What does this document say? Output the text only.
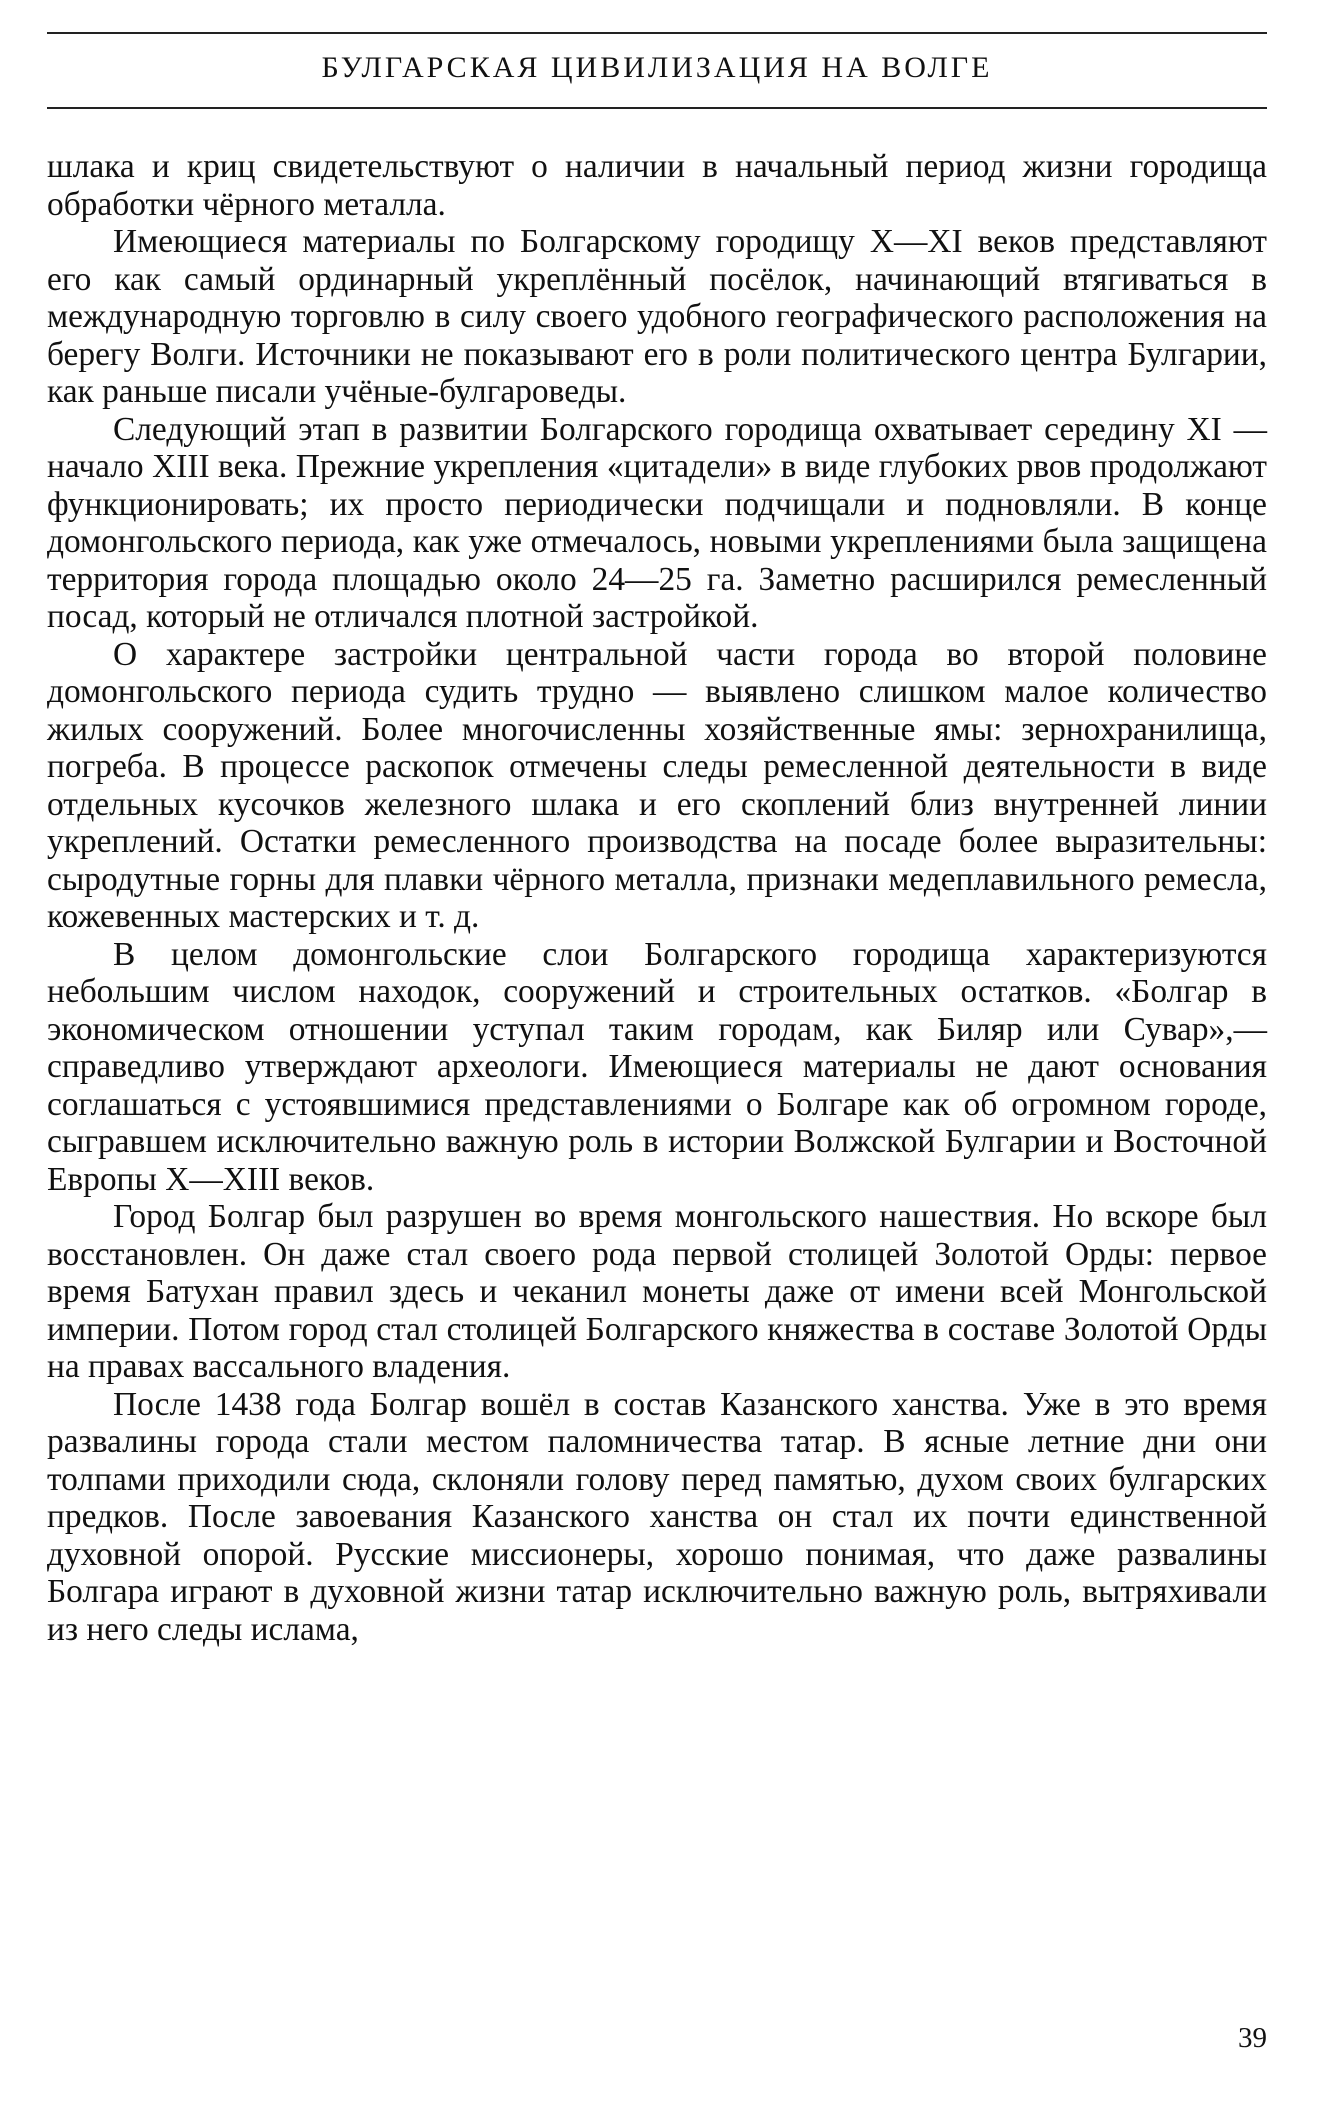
БУЛГАРСКАЯ ЦИВИЛИЗАЦИЯ НА ВОЛГЕ

шлака и криц свидетельствуют о наличии в начальный период жизни городища обработки чёрного металла.

Имеющиеся материалы по Болгарскому городищу X—XI веков представляют его как самый ординарный укреплённый посёлок, начинающий втягиваться в международную торговлю в силу своего удобного географического расположения на берегу Волги. Источники не показывают его в роли политического центра Булгарии, как раньше писали учёные-булгароведы.

Следующий этап в развитии Болгарского городища охватывает середину XI — начало XIII века. Прежние укрепления «цитадели» в виде глубоких рвов продолжают функционировать; их просто периодически подчищали и подновляли. В конце домонгольского периода, как уже отмечалось, новыми укреплениями была защищена территория города площадью около 24—25 га. Заметно расширился ремесленный посад, который не отличался плотной застройкой.

О характере застройки центральной части города во второй половине домонгольского периода судить трудно — выявлено слишком малое количество жилых сооружений. Более многочисленны хозяйственные ямы: зернохранилища, погреба. В процессе раскопок отмечены следы ремесленной деятельности в виде отдельных кусочков железного шлака и его скоплений близ внутренней линии укреплений. Остатки ремесленного производства на посаде более выразительны: сыродутные горны для плавки чёрного металла, признаки медеплавильного ремесла, кожевенных мастерских и т. д.

В целом домонгольские слои Болгарского городища характеризуются небольшим числом находок, сооружений и строительных остатков. «Болгар в экономическом отношении уступал таким городам, как Биляр или Сувар»,— справедливо утверждают археологи. Имеющиеся материалы не дают основания соглашаться с устоявшимися представлениями о Болгаре как об огромном городе, сыгравшем исключительно важную роль в истории Волжской Булгарии и Восточной Европы X—XIII веков.

Город Болгар был разрушен во время монгольского нашествия. Но вскоре был восстановлен. Он даже стал своего рода первой столицей Золотой Орды: первое время Батухан правил здесь и чеканил монеты даже от имени всей Монгольской империи. Потом город стал столицей Болгарского княжества в составе Золотой Орды на правах вассального владения.

После 1438 года Болгар вошёл в состав Казанского ханства. Уже в это время развалины города стали местом паломничества татар. В ясные летние дни они толпами приходили сюда, склоняли голову перед памятью, духом своих булгарских предков. После завоевания Казанского ханства он стал их почти единственной духовной опорой. Русские миссионеры, хорошо понимая, что даже развалины Болгара играют в духовной жизни татар исключительно важную роль, вытряхивали из него следы ислама,

39
